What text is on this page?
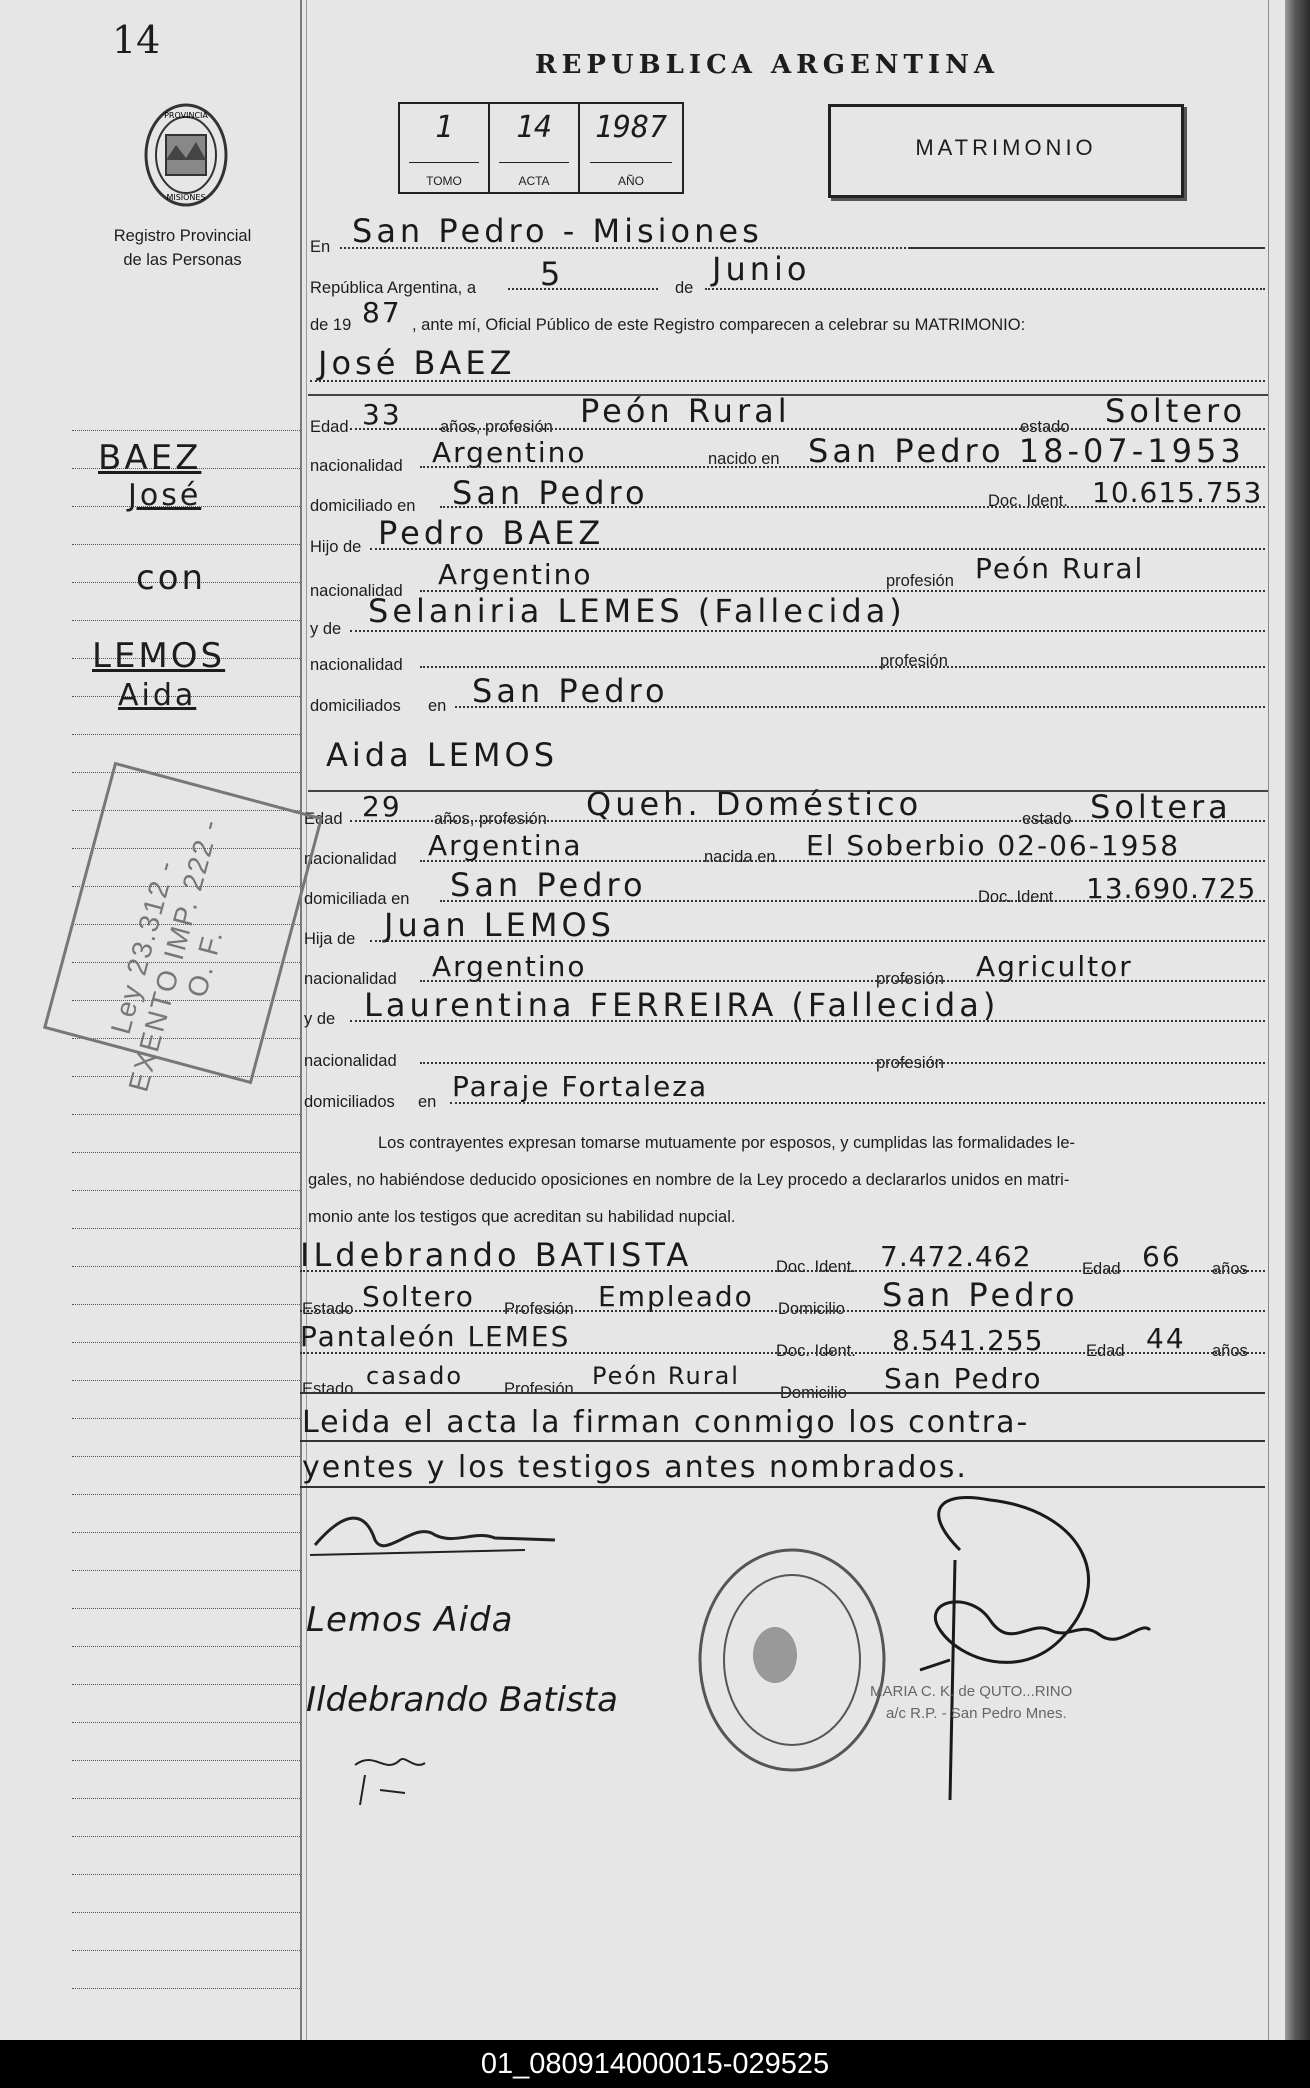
14
PROVINCIA
MISIONES
Registro Provincial
de las Personas
REPUBLICA ARGENTINA
1
TOMO
14
ACTA
1987
AÑO
MATRIMONIO
En San Pedro - Misiones
República Argentina, a 5	de Junio
de 19 87 , ante mí, Oficial Público de este Registro comparecen a celebrar su MATRIMONIO:
José BAEZ
Edad 33 años, profesión Peón Rural	estado Soltero
nacionalidad Argentino	nacido en San Pedro 18-07-1953
domiciliado en San Pedro	Doc. Ident. 10.615.753
Hijo de Pedro BAEZ
nacionalidad Argentino	profesión Peón Rural
y de Selaniria LEMES (Fallecida)
nacionalidad	profesión
domiciliados en San Pedro
Aida LEMOS
Edad 29 años, profesión Queh. Doméstico	estado Soltera
nacionalidad Argentina	nacida en El Soberbio 02-06-1958
domiciliada en San Pedro	Doc. Ident. 13.690.725
Hija de Juan LEMOS
nacionalidad Argentino	profesión Agricultor
y de Laurentina FERREIRA (Fallecida)
nacionalidad	profesión
domiciliados en Paraje Fortaleza
Los contrayentes expresan tomarse mutuamente por esposos, y cumplidas las formalidades le-
gales, no habiéndose deducido oposiciones en nombre de la Ley procedo a declararlos unidos en matri-
monio ante los testigos que acreditan su habilidad nupcial.
ILdebrando BATISTA	Doc. Ident. 7.472.462	Edad 66 años
Estado Soltero Profesión Empleado Domicilio San Pedro
Pantaleón LEMES	Doc. Ident. 8.541.255	Edad 44 años
Estado casado Profesión Peón Rural
Domicilio San Pedro
Leida el acta la firman conmigo los contra-
yentes y los testigos antes nombrados.
BAEZ
José
con
LEMOS
Aida
Ley 23.312 - EXENTO IMP. 222 - O. F.
Lemos Aida
Ildebrando Batista	MARIA C. K. de QUTO...RINO
a/c R.P. - San Pedro Mnes.
01_080914000015-029525
